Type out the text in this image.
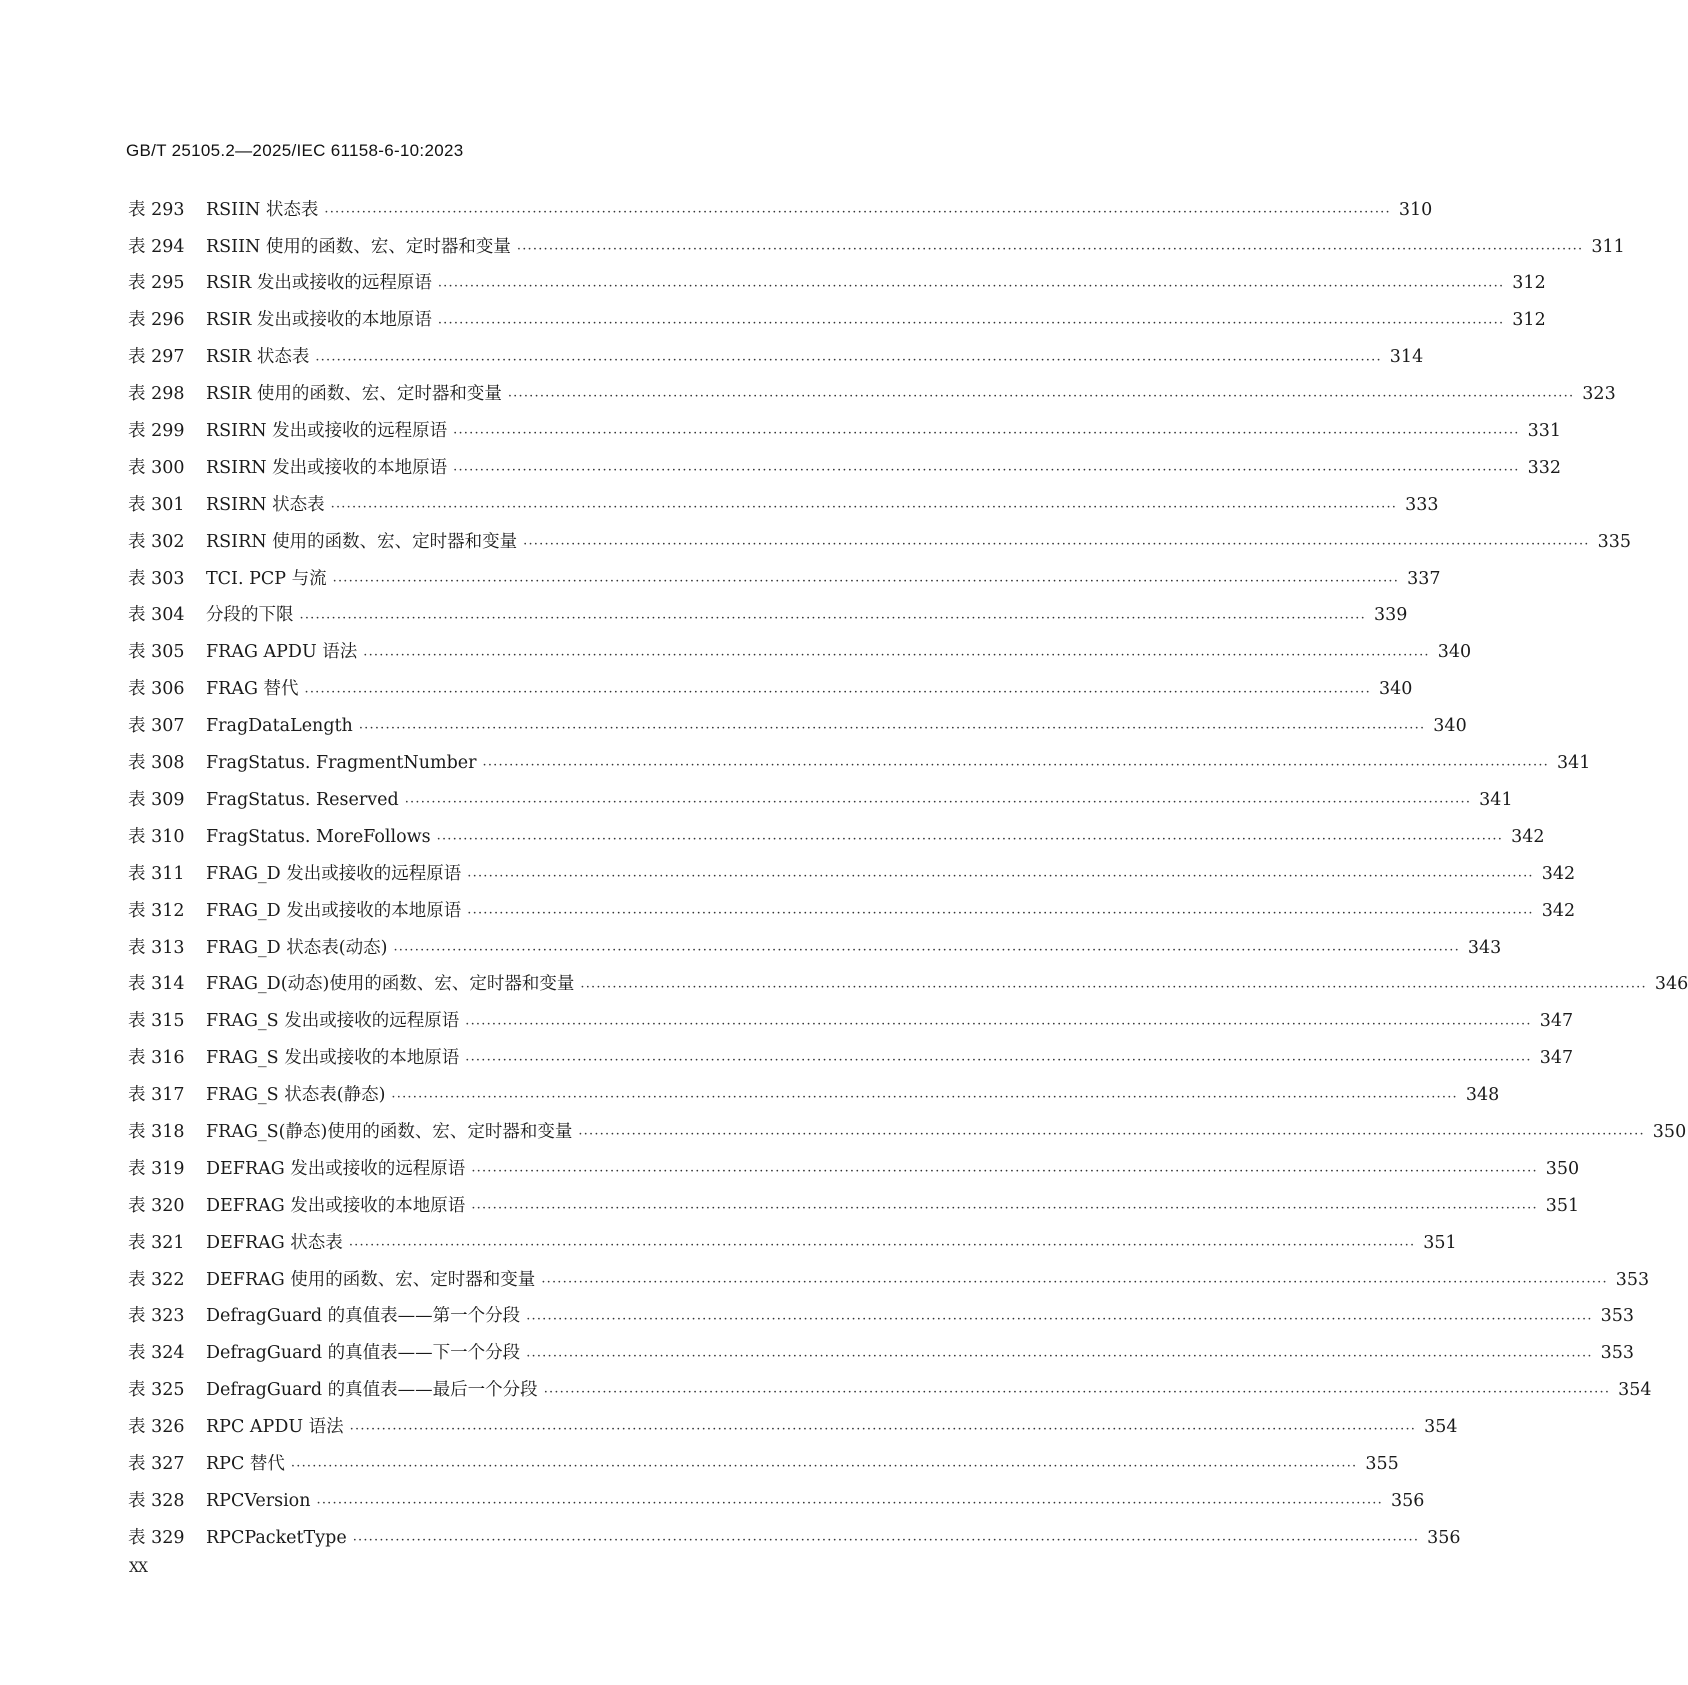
GB/T 25105.2—2025/IEC 61158-6-10:2023
表 293	RSIIN 状态表 ········································································································································································································ 310
表 294	RSIIN 使用的函数、宏、定时器和变量 ········································································································································································································ 311
表 295	RSIR 发出或接收的远程原语 ········································································································································································································ 312
表 296	RSIR 发出或接收的本地原语 ········································································································································································································ 312
表 297	RSIR 状态表 ········································································································································································································ 314
表 298	RSIR 使用的函数、宏、定时器和变量 ········································································································································································································ 323
表 299	RSIRN 发出或接收的远程原语 ········································································································································································································ 331
表 300	RSIRN 发出或接收的本地原语 ········································································································································································································ 332
表 301	RSIRN 状态表 ········································································································································································································ 333
表 302	RSIRN 使用的函数、宏、定时器和变量 ········································································································································································································ 335
表 303	TCI. PCP 与流 ········································································································································································································ 337
表 304	分段的下限 ········································································································································································································ 339
表 305	FRAG APDU 语法 ········································································································································································································ 340
表 306	FRAG 替代 ········································································································································································································ 340
表 307	FragDataLength ········································································································································································································ 340
表 308	FragStatus. FragmentNumber ········································································································································································································ 341
表 309	FragStatus. Reserved ········································································································································································································ 341
表 310	FragStatus. MoreFollows ········································································································································································································ 342
表 311	FRAG_D 发出或接收的远程原语 ········································································································································································································ 342
表 312	FRAG_D 发出或接收的本地原语 ········································································································································································································ 342
表 313	FRAG_D 状态表(动态) ········································································································································································································ 343
表 314	FRAG_D(动态)使用的函数、宏、定时器和变量 ········································································································································································································ 346
表 315	FRAG_S 发出或接收的远程原语 ········································································································································································································ 347
表 316	FRAG_S 发出或接收的本地原语 ········································································································································································································ 347
表 317	FRAG_S 状态表(静态) ········································································································································································································ 348
表 318	FRAG_S(静态)使用的函数、宏、定时器和变量 ········································································································································································································ 350
表 319	DEFRAG 发出或接收的远程原语 ········································································································································································································ 350
表 320	DEFRAG 发出或接收的本地原语 ········································································································································································································ 351
表 321	DEFRAG 状态表 ········································································································································································································ 351
表 322	DEFRAG 使用的函数、宏、定时器和变量 ········································································································································································································ 353
表 323	DefragGuard 的真值表——第一个分段 ········································································································································································································ 353
表 324	DefragGuard 的真值表——下一个分段 ········································································································································································································ 353
表 325	DefragGuard 的真值表——最后一个分段 ········································································································································································································ 354
表 326	RPC APDU 语法 ········································································································································································································ 354
表 327	RPC 替代 ········································································································································································································ 355
表 328	RPCVersion ········································································································································································································ 356
表 329	RPCPacketType ········································································································································································································ 356
XX
